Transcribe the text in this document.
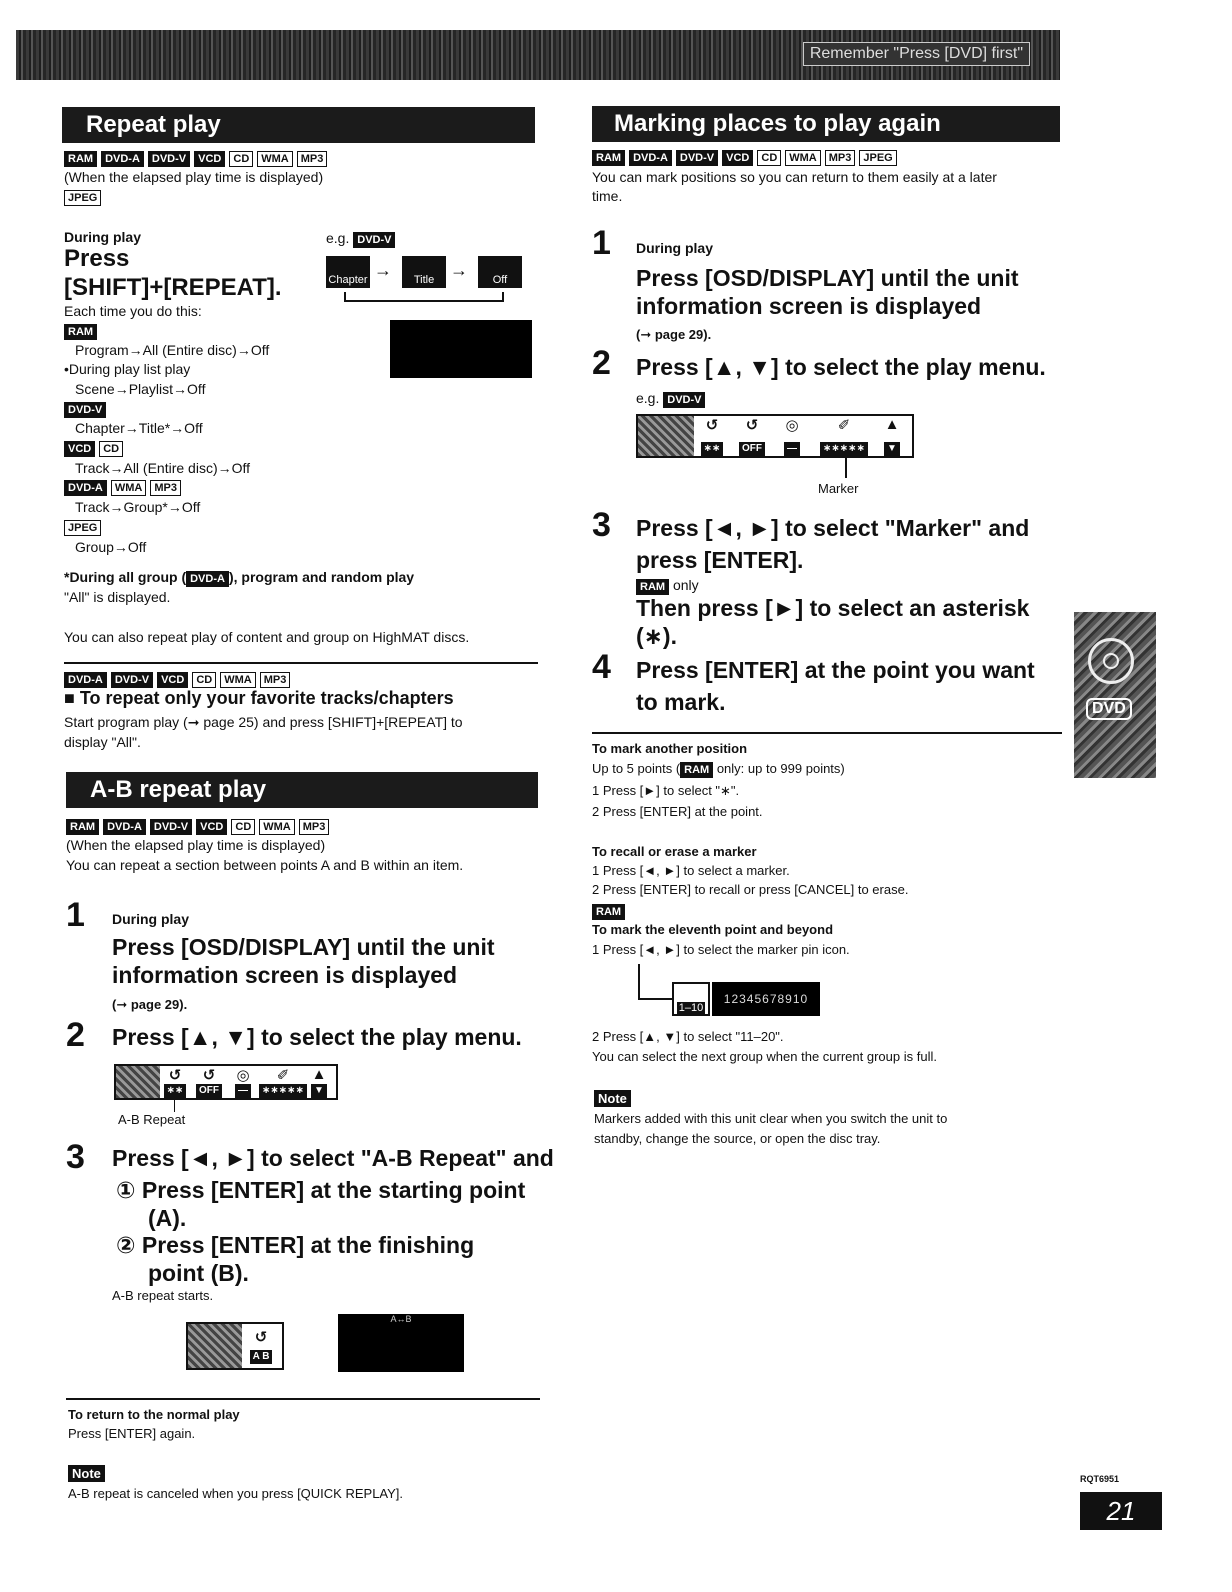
Remember "Press [DVD] first"
Repeat play
RAM	DVD-A	DVD-V	VCD	CD	WMA	MP3
(When the elapsed play time is displayed)
JPEG
During play
Press
[SHIFT]+[REPEAT].
Each time you do this:
e.g. DVD-V
Chapter → Title → Off
RAM
Program→All (Entire disc)→Off
•During play list play
Scene→Playlist→Off
DVD-V
Chapter→Title*→Off
VCD	CD
Track→All (Entire disc)→Off
DVD-A	WMA	MP3
Track→Group*→Off
JPEG
Group→Off
*During all group ( DVD-A ), program and random play
"All" is displayed.
You can also repeat play of content and group on HighMAT discs.
DVD-A	DVD-V	VCD	CD	WMA	MP3
■ To repeat only your favorite tracks/chapters
Start program play (➞ page 25) and press [SHIFT]+[REPEAT] to
display "All".
A-B repeat play
RAM	DVD-A	DVD-V	VCD	CD	WMA	MP3
(When the elapsed play time is displayed)
You can repeat a section between points A and B within an item.
1 During play
Press [OSD/DISPLAY] until the unit
information screen is displayed
(➞ page 29).
2 Press [▲, ▼] to select the play menu.
↺
∗∗
↺
OFF
◎
—
✐
∗∗∗∗∗
▲
▼
A-B Repeat
3 Press [◄, ►] to select "A-B Repeat" and
① Press [ENTER] at the starting point
(A).
② Press [ENTER] at the finishing
point (B).
A-B repeat starts.
↺
A B
A↔B
To return to the normal play
Press [ENTER] again.
Note
A-B repeat is canceled when you press [QUICK REPLAY].
Marking places to play again
RAM	DVD-A	DVD-V	VCD	CD	WMA	MP3	JPEG
You can mark positions so you can return to them easily at a later
time.
1 During play
Press [OSD/DISPLAY] until the unit
information screen is displayed
(➞ page 29).
2 Press [▲, ▼] to select the play menu.
e.g. DVD-V
↺
∗∗
↺
OFF
◎
—
✐
∗∗∗∗∗
▲
▼
Marker
3 Press [◄, ►] to select "Marker" and
press [ENTER].
RAM only
Then press [►] to select an asterisk
(∗).
4 Press [ENTER] at the point you want
to mark.
To mark another position
Up to 5 points ( RAM only: up to 999 points)
1 Press [►] to select "∗".
2 Press [ENTER] at the point.
To recall or erase a marker
1 Press [◄, ►] to select a marker.
2 Press [ENTER] to recall or press [CANCEL] to erase.
RAM
To mark the eleventh point and beyond
1 Press [◄, ►] to select the marker pin icon.
1–10
12345678910
2 Press [▲, ▼] to select "11–20".
You can select the next group when the current group is full.
Note
Markers added with this unit clear when you switch the unit to
standby, change the source, or open the disc tray.
DVD
RQT6951
21
